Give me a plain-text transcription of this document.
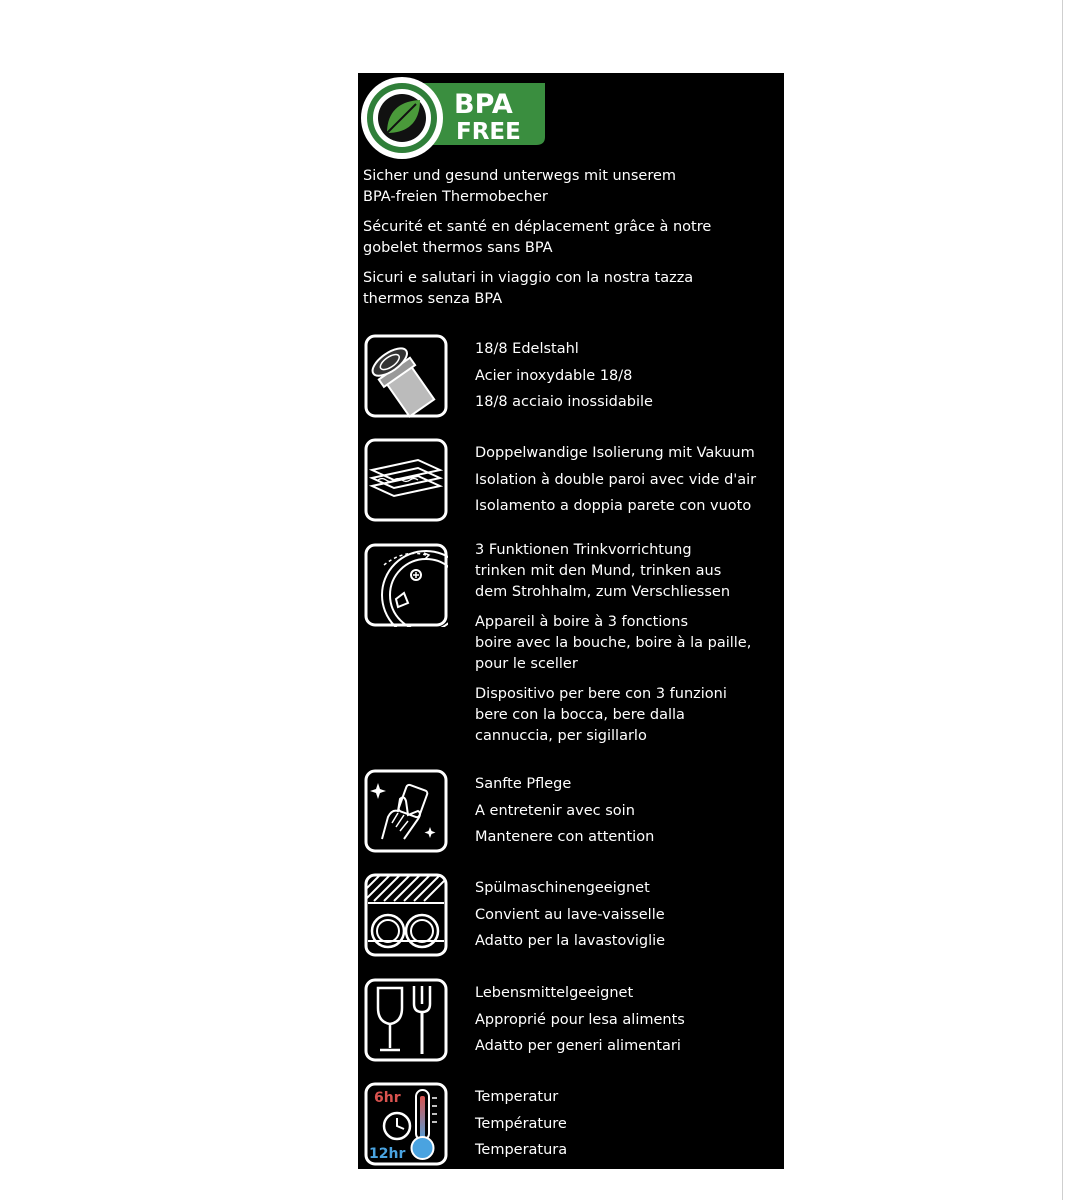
BPA
FREE
Sicher und gesund unterwegs mit unserem
BPA-freien Thermobecher
Sécurité et santé en déplacement grâce à notre
gobelet thermos sans BPA
Sicuri e salutari in viaggio con la nostra tazza
thermos senza BPA
18/8 Edelstahl
Acier inoxydable 18/8
18/8 acciaio inossidabile
Doppelwandige Isolierung mit Vakuum
Isolation à double paroi avec vide d'air
Isolamento a doppia parete con vuoto
3 Funktionen Trinkvorrichtung
trinken mit den Mund, trinken aus
dem Strohhalm, zum Verschliessen
Appareil à boire à 3 fonctions
boire avec la bouche, boire à la paille,
pour le sceller
Dispositivo per bere con 3 funzioni
bere con la bocca, bere dalla
cannuccia, per sigillarlo
Sanfte Pflege
A entretenir avec soin
Mantenere con attention
Spülmaschinengeeignet
Convient au lave-vaisselle
Adatto per la lavastoviglie
Lebensmittelgeeignet
Approprié pour lesa aliments
Adatto per generi alimentari
6hr
12hr
Temperatur
Température
Temperatura
